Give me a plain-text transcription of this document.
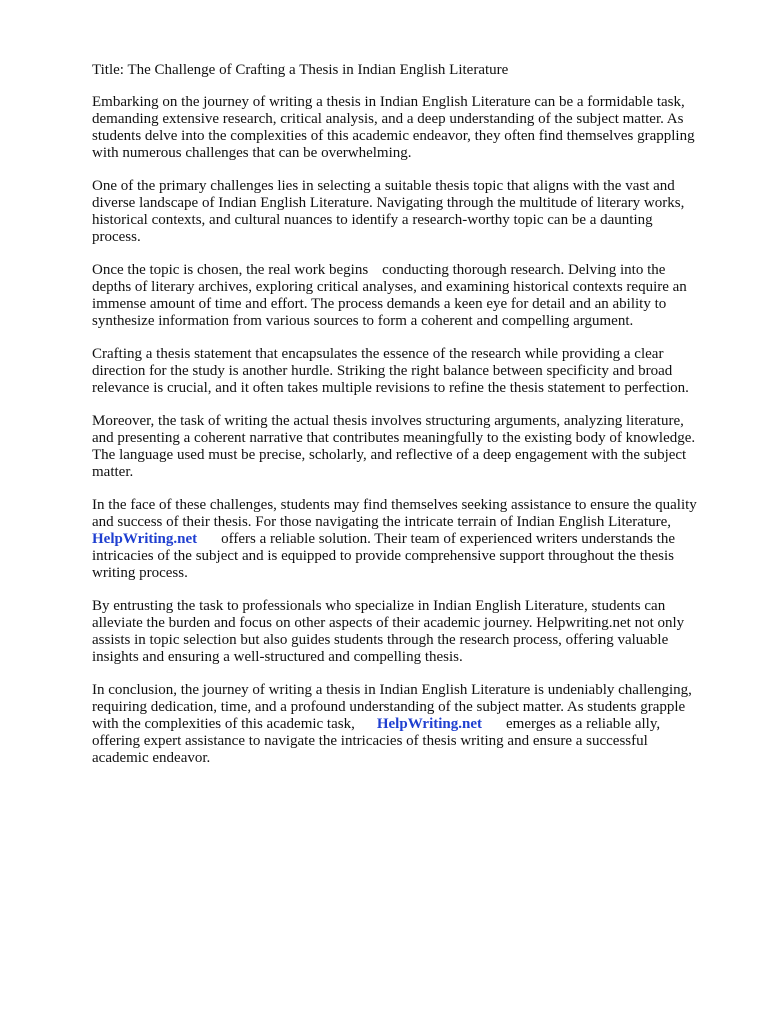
Title: The Challenge of Crafting a Thesis in Indian English Literature
Embarking on the journey of writing a thesis in Indian English Literature can be a formidable task,
demanding extensive research, critical analysis, and a deep understanding of the subject matter. As
students delve into the complexities of this academic endeavor, they often find themselves grappling
with numerous challenges that can be overwhelming.
One of the primary challenges lies in selecting a suitable thesis topic that aligns with the vast and
diverse landscape of Indian English Literature. Navigating through the multitude of literary works,
historical contexts, and cultural nuances to identify a research-worthy topic can be a daunting
process.
Once the topic is chosen, the real work begins conducting thorough research. Delving into the
depths of literary archives, exploring critical analyses, and examining historical contexts require an
immense amount of time and effort. The process demands a keen eye for detail and an ability to
synthesize information from various sources to form a coherent and compelling argument.
Crafting a thesis statement that encapsulates the essence of the research while providing a clear
direction for the study is another hurdle. Striking the right balance between specificity and broad
relevance is crucial, and it often takes multiple revisions to refine the thesis statement to perfection.
Moreover, the task of writing the actual thesis involves structuring arguments, analyzing literature,
and presenting a coherent narrative that contributes meaningfully to the existing body of knowledge.
The language used must be precise, scholarly, and reflective of a deep engagement with the subject
matter.
In the face of these challenges, students may find themselves seeking assistance to ensure the quality
and success of their thesis. For those navigating the intricate terrain of Indian English Literature,
HelpWriting.net offers a reliable solution. Their team of experienced writers understands the
intricacies of the subject and is equipped to provide comprehensive support throughout the thesis
writing process.
By entrusting the task to professionals who specialize in Indian English Literature, students can
alleviate the burden and focus on other aspects of their academic journey. Helpwriting.net not only
assists in topic selection but also guides students through the research process, offering valuable
insights and ensuring a well-structured and compelling thesis.
In conclusion, the journey of writing a thesis in Indian English Literature is undeniably challenging,
requiring dedication, time, and a profound understanding of the subject matter. As students grapple
with the complexities of this academic task, HelpWriting.net emerges as a reliable ally,
offering expert assistance to navigate the intricacies of thesis writing and ensure a successful
academic endeavor.
